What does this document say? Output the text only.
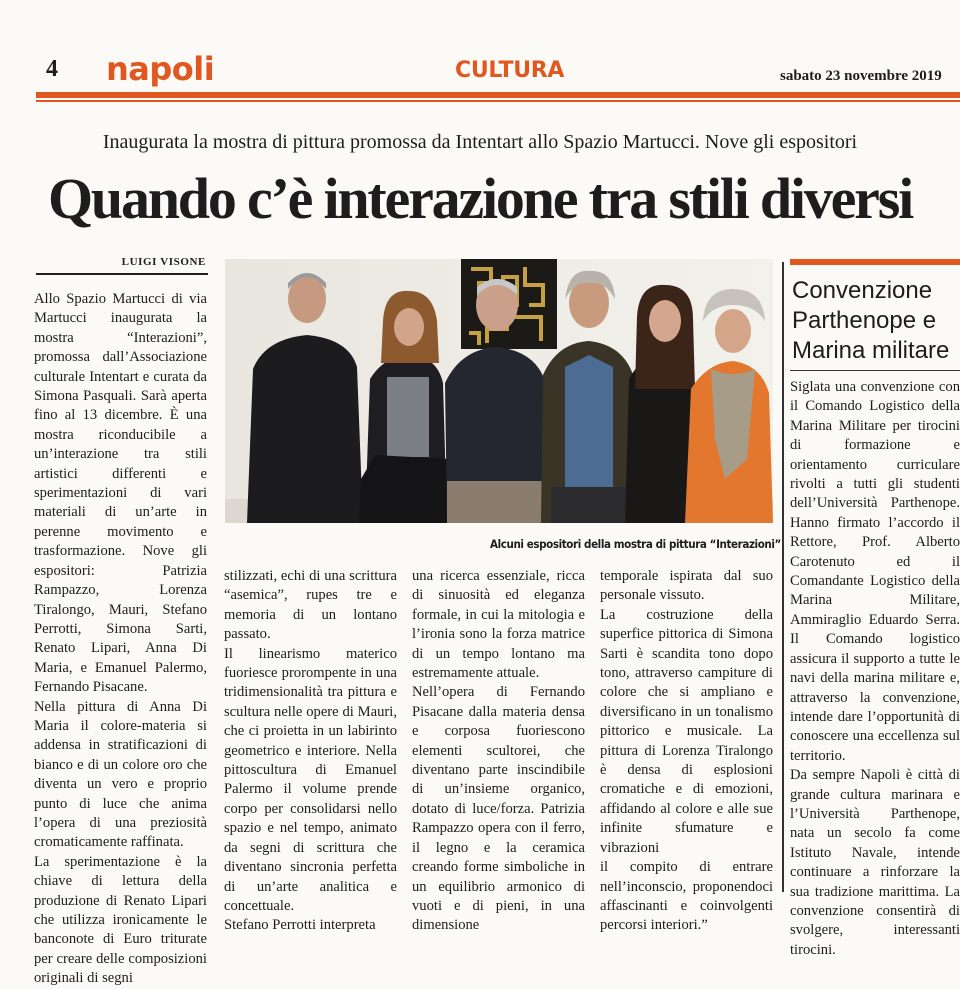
4 napoli	CULTURA	sabato 23 novembre 2019
Inaugurata la mostra di pittura promossa da Intentart allo Spazio Martucci. Nove gli espositori
Quando c’è interazione tra stili diversi
LUIGI VISONE

Allo Spazio Martucci di via Martucci inaugurata la mostra “Interazioni”, promossa dall’Associazione culturale Intentart e curata da Simona Pasquali. Sarà aperta fino al 13 dicembre. È una mostra riconducibile a un’interazione tra stili artistici differenti e sperimentazioni di vari materiali di un’arte in perenne movimento e trasformazione. Nove gli espositori: Patrizia Rampazzo, Lorenza Tiralongo, Mauri, Stefano Perrotti, Simona Sarti, Renato Lipari, Anna Di Maria, e Emanuel Palermo, Fernando Pisacane.

Nella pittura di Anna Di Maria il colore-materia si addensa in stratificazioni di bianco e di un colore oro che diventa un vero e proprio punto di luce che anima l’opera di una preziosità cromaticamente raffinata.

La sperimentazione è la chiave di lettura della produzione di Renato Lipari che utilizza ironicamente le banconote di Euro triturate per creare delle composizioni originali di segni

Alcuni espositori della mostra di pittura “Interazioni”

stilizzati, echi di una scrittura “asemica”, rupes tre e memoria di un lontano passato.

Il linearismo materico fuoriesce prorompente in una tridimensionalità tra pittura e scultura nelle opere di Mauri, che ci proietta in un labirinto geometrico e interiore. Nella pittoscultura di Emanuel Palermo il volume prende corpo per consolidarsi nello spazio e nel tempo, animato da segni di scrittura che diventano sincronia perfetta di un’arte analitica e concettuale.

Stefano Perrotti interpreta

una ricerca essenziale, ricca di sinuosità ed eleganza formale, in cui la mitologia e l’ironia sono la forza matrice di un tempo lontano ma estremamente attuale.

Nell’opera di Fernando Pisacane dalla materia densa e corposa fuoriescono elementi scultorei, che diventano parte inscindibile di un’insieme organico, dotato di luce/forza. Patrizia Rampazzo opera con il ferro, il legno e la ceramica creando forme simboliche in un equilibrio armonico di vuoti e di pieni, in una dimensione

temporale ispirata dal suo personale vissuto.

La costruzione della superfice pittorica di Simona Sarti è scandita tono dopo tono, attraverso campiture di colore che si ampliano e diversificano in un tonalismo pittorico e musicale. La pittura di Lorenza Tiralongo è densa di esplosioni cromatiche e di emozioni, affidando al colore e alle sue infinite sfumature e vibrazioni

il compito di entrare nell’inconscio, proponendoci affascinanti e coinvolgenti percorsi interiori.”

Convenzione Parthenope e Marina militare

Siglata una convenzione con il Comando Logistico della Marina Militare per tirocini di formazione e orientamento curriculare rivolti a tutti gli studenti dell’Università Parthenope. Hanno firmato l’accordo il Rettore, Prof. Alberto Carotenuto ed il Comandante Logistico della Marina Militare, Ammiraglio Eduardo Serra. Il Comando logistico assicura il supporto a tutte le navi della marina militare e, attraverso la convenzione, intende dare l’opportunità di conoscere una eccellenza sul territorio.

Da sempre Napoli è città di grande cultura marinara e l’Università Parthenope, nata un secolo fa come Istituto Navale, intende continuare a rinforzare la sua tradizione marittima. La convenzione consentirà di svolgere, interessanti tirocini.
